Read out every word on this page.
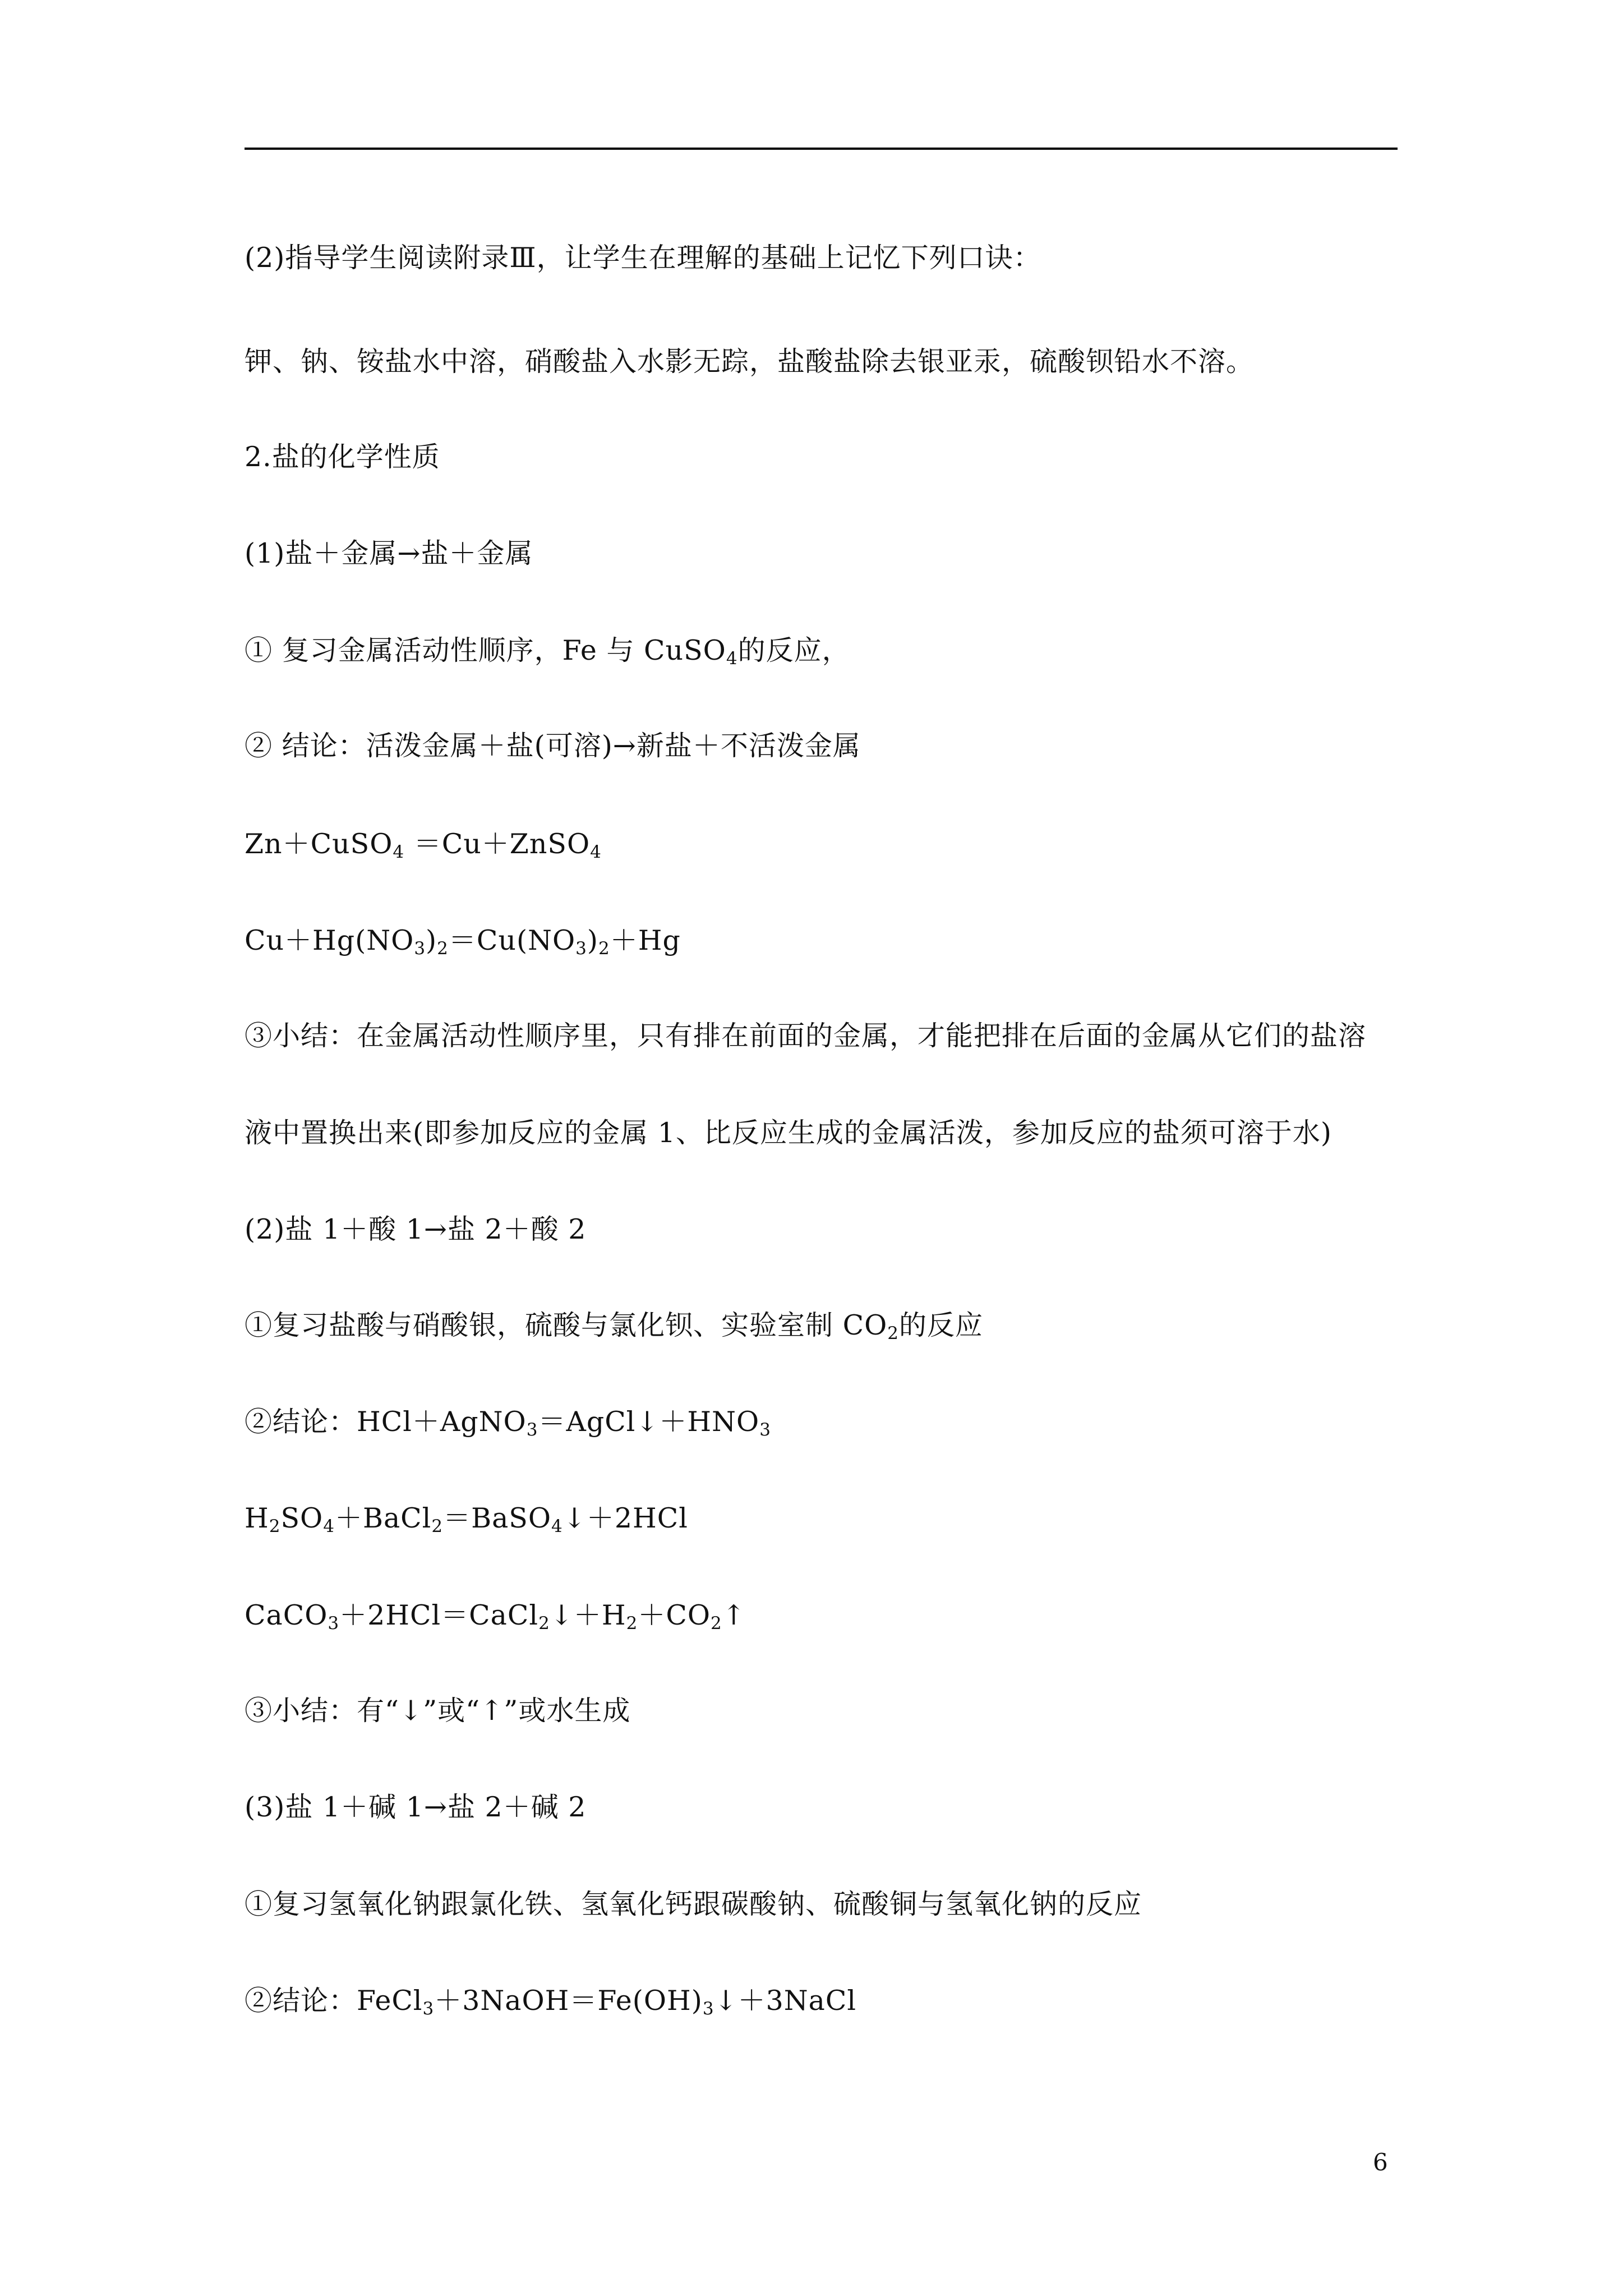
(2)指导学生阅读附录Ⅲ，让学生在理解的基础上记忆下列口诀：
钾、钠、铵盐水中溶，硝酸盐入水影无踪，盐酸盐除去银亚汞，硫酸钡铅水不溶。
2.盐的化学性质
(1)盐＋金属→盐＋金属
① 复习金属活动性顺序，Fe 与 CuSO$_4$的反应，
② 结论：活泼金属＋盐(可溶)→新盐＋不活泼金属
Zn＋CuSO$_4$ ＝Cu＋ZnSO$_4$
$Cu+Hg(NO_3)_2=Cu(NO_3)_2+Hg$
③小结：在金属活动性顺序里，只有排在前面的金属，才能把排在后面的金属从它们的盐溶
液中置换出来(即参加反应的金属 1、比反应生成的金属活泼，参加反应的盐须可溶于水)
(2)盐 1＋酸 1→盐 2＋酸 2
①复习盐酸与硝酸银，硫酸与氯化钡、实验室制 $CO_2$的反应
②结论：$HCl+AgNO_3=AgCl↓+HNO_3$
$H_2SO_4+BaCl_2=BaSO_4↓+2HCl$
$CaCO_3+2HCl=CaCl_2↓+H_2+CO_2↑$
③小结：有“↓”或“↑”或水生成
(3)盐 1＋碱 1→盐 2＋碱 2
①复习氢氧化钠跟氯化铁、氢氧化钙跟碳酸钠、硫酸铜与氢氧化钠的反应
②结论：$FeCl_3+3NaOH=Fe(OH)_3↓+3NaCl$
6
